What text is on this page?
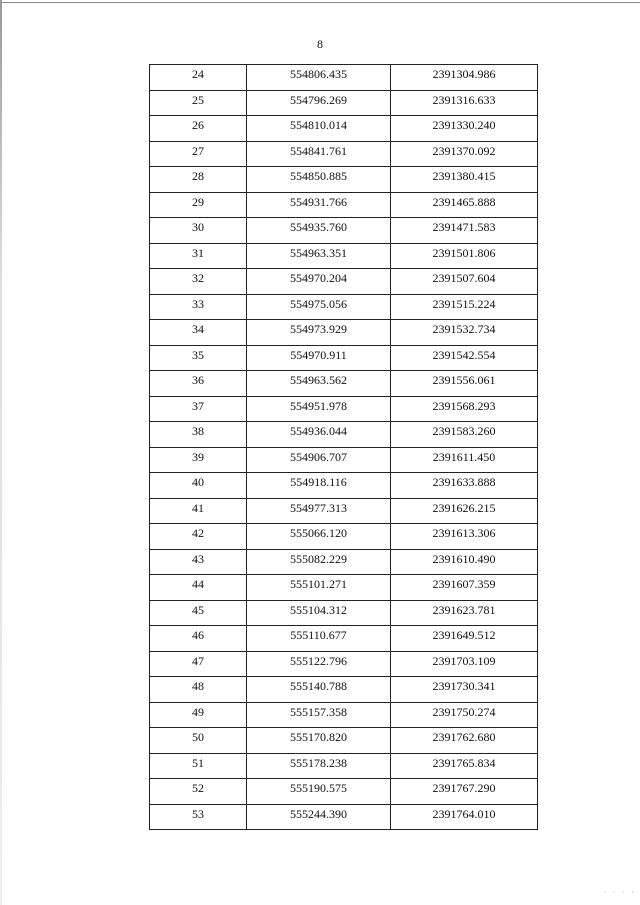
8
24	554806.435	2391304.986
25	554796.269	2391316.633
26	554810.014	2391330.240
27	554841.761	2391370.092
28	554850.885	2391380.415
29	554931.766	2391465.888
30	554935.760	2391471.583
31	554963.351	2391501.806
32	554970.204	2391507.604
33	554975.056	2391515.224
34	554973.929	2391532.734
35	554970.911	2391542.554
36	554963.562	2391556.061
37	554951.978	2391568.293
38	554936.044	2391583.260
39	554906.707	2391611.450
40	554918.116	2391633.888
41	554977.313	2391626.215
42	555066.120	2391613.306
43	555082.229	2391610.490
44	555101.271	2391607.359
45	555104.312	2391623.781
46	555110.677	2391649.512
47	555122.796	2391703.109
48	555140.788	2391730.341
49	555157.358	2391750.274
50	555170.820	2391762.680
51	555178.238	2391765.834
52	555190.575	2391767.290
53	555244.390	2391764.010
· · · ·
